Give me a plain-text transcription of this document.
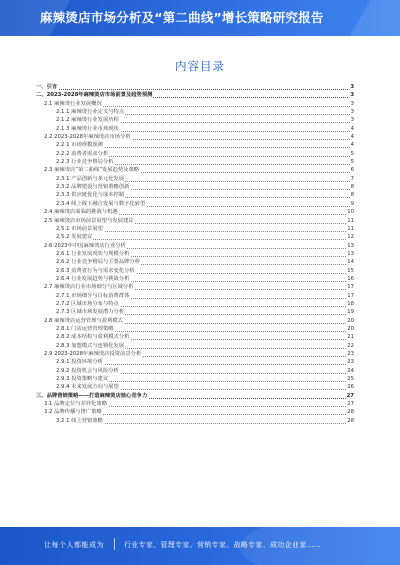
麻辣烫店市场分析及“第二曲线”增长策略研究报告
内容目录
一、引言	3
二、2023-2028年麻辣烫店市场前景及趋势预测	3
2.1 麻辣烫行业发展概况	3
2.1.1 麻辣烫行业定义与特点	3
2.1.2 麻辣烫行业发展历程	3
2.1.3 麻辣烫行业市场现状	4
2.2 2023-2028年麻辣烫店市场分析	4
2.2.1 市场规模预测	4
2.2.2 消费者需求分析	5
2.2.3 行业竞争格局分析	5
2.3 麻辣烫店“第二曲线”发展趋势及策略	6
2.3.1 产品创新与多元化发展	7
2.3.2 品牌建设与营销策略创新	8
2.3.3 供应链优化与成本控制	8
2.3.4 线上线下融合发展与数字化转型	9
2.4 麻辣烫店面临的挑战与机遇	10
2.5 麻辣烫店市场前景展望与发展建议	11
2.5.1 市场前景展望	11
2.5.2 发展建议	12
2.6 2023年中国麻辣烫店行业分析	13
2.6.1 行业发展现状与规模分析	13
2.6.2 行业竞争格局与主要品牌分析	14
2.6.3 消费者行为与需求变化分析	15
2.6.4 行业发展趋势与挑战分析	16
2.7 麻辣烫店行业市场细分与区域分析	17
2.7.1 市场细分与目标消费群体	17
2.7.2 区域市场分布与特点	18
2.7.3 区域市场发展潜力分析	19
2.8 麻辣烫店运营管理与盈利模式	20
2.8.1 门店运营管理策略	20
2.8.2 成本结构与盈利模式分析	21
2.8.3 加盟模式与连锁化发展	22
2.9 2023-2028年麻辣烫店投资前景分析	23
2.9.1 投资环境分析	23
2.9.2 投资机会与风险分析	24
2.9.3 投资策略与建议	25
2.9.4 未来发展方向与展望	26
三、品牌营销策略——打造麻辣烫店核心竞争力	27
3.1 品牌定位与差异化策略	27
3.2 品牌传播与推广策略	28
3.2.1 线上营销策略	28
让每个人都能成为	行业专家、管理专家、营销专家、战略专家、成功企业家……
